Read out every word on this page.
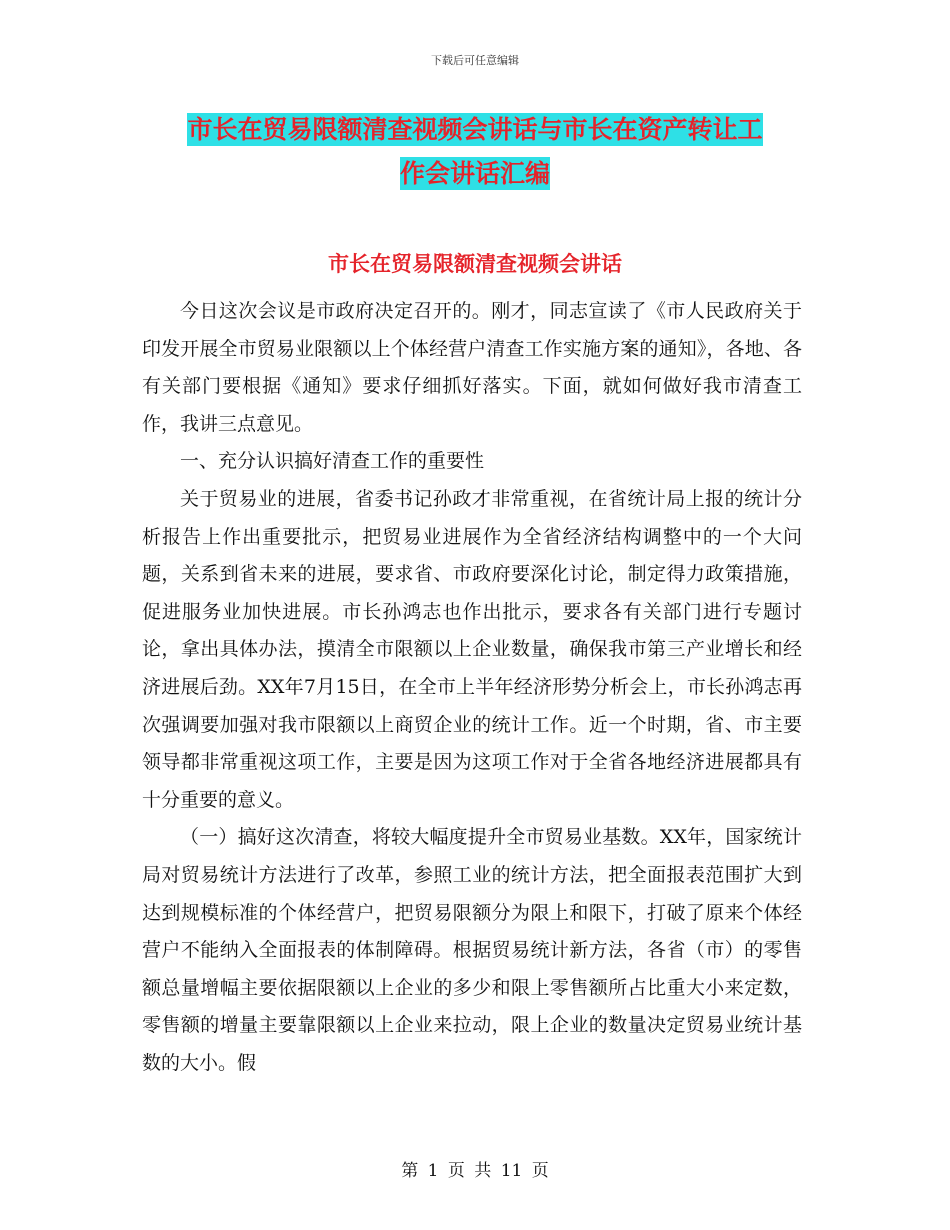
下载后可任意编辑
市长在贸易限额清查视频会讲话与市长在资产转让工
作会讲话汇编
市长在贸易限额清查视频会讲话

今日这次会议是市政府决定召开的。刚才，同志宣读了《市人民政府关于印发开展全市贸易业限额以上个体经营户清查工作实施方案的通知》，各地、各有关部门要根据《通知》要求仔细抓好落实。下面，就如何做好我市清查工作，我讲三点意见。

一、充分认识搞好清查工作的重要性

关于贸易业的进展，省委书记孙政才非常重视，在省统计局上报的统计分析报告上作出重要批示，把贸易业进展作为全省经济结构调整中的一个大问题，关系到省未来的进展，要求省、市政府要深化讨论，制定得力政策措施，促进服务业加快进展。市长孙鸿志也作出批示，要求各有关部门进行专题讨论，拿出具体办法，摸清全市限额以上企业数量，确保我市第三产业增长和经济进展后劲。XX年7月15日，在全市上半年经济形势分析会上，市长孙鸿志再次强调要加强对我市限额以上商贸企业的统计工作。近一个时期，省、市主要领导都非常重视这项工作，主要是因为这项工作对于全省各地经济进展都具有十分重要的意义。

（一）搞好这次清查，将较大幅度提升全市贸易业基数。XX年，国家统计局对贸易统计方法进行了改革，参照工业的统计方法，把全面报表范围扩大到达到规模标准的个体经营户，把贸易限额分为限上和限下，打破了原来个体经营户不能纳入全面报表的体制障碍。根据贸易统计新方法，各省（市）的零售额总量增幅主要依据限额以上企业的多少和限上零售额所占比重大小来定数，零售额的增量主要靠限额以上企业来拉动，限上企业的数量决定贸易业统计基数的大小。假

第 1 页 共 11 页
